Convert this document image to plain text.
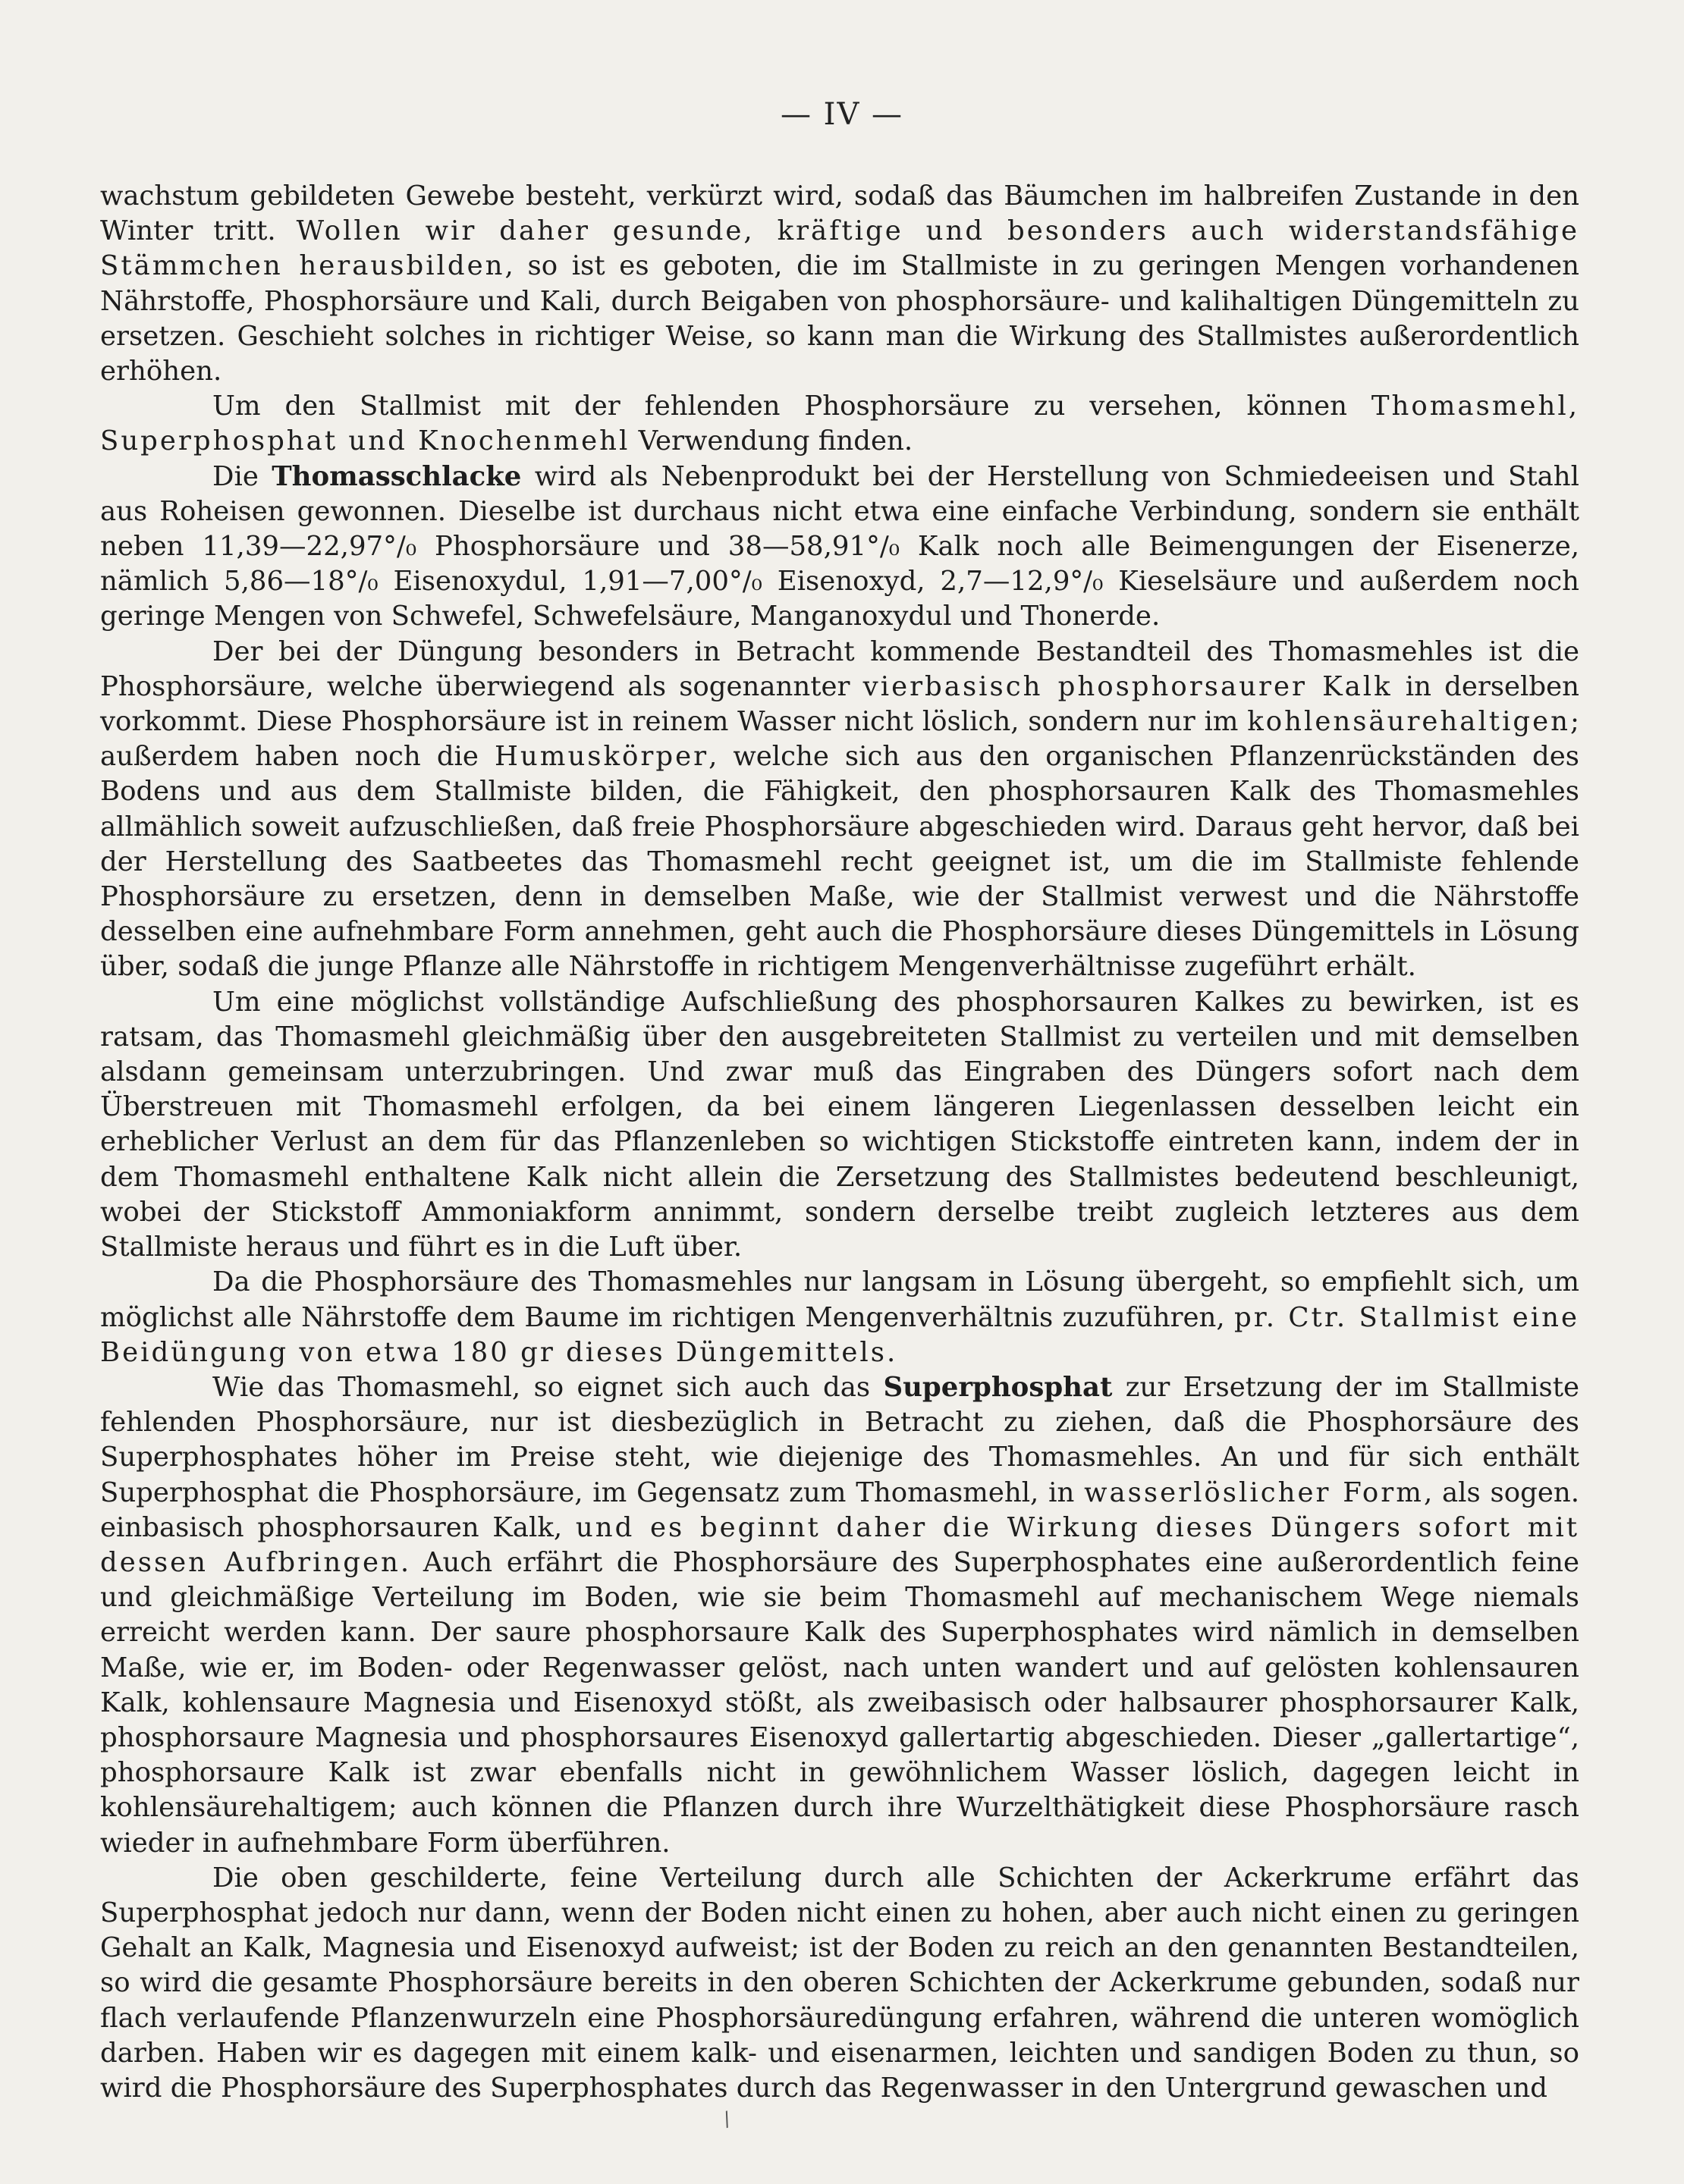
— IV —

wachstum gebildeten Gewebe besteht, verkürzt wird, sodaß das Bäumchen im halbreifen Zustande in den Winter tritt. Wollen wir daher gesunde, kräftige und besonders auch widerstandsfähige Stämmchen herausbilden, so ist es geboten, die im Stallmiste in zu geringen Mengen vorhandenen Nährstoffe, Phosphorsäure und Kali, durch Beigaben von phosphorsäure- und kalihaltigen Düngemitteln zu ersetzen. Geschieht solches in richtiger Weise, so kann man die Wirkung des Stallmistes außerordentlich erhöhen.

Um den Stallmist mit der fehlenden Phosphorsäure zu versehen, können Thomasmehl, Superphosphat und Knochenmehl Verwendung finden.

Die Thomasschlacke wird als Nebenprodukt bei der Herstellung von Schmiedeeisen und Stahl aus Roheisen gewonnen. Dieselbe ist durchaus nicht etwa eine einfache Verbindung, sondern sie enthält neben 11,39—22,97°/₀ Phosphorsäure und 38—58,91°/₀ Kalk noch alle Beimengungen der Eisenerze, nämlich 5,86—18°/₀ Eisenoxydul, 1,91—7,00°/₀ Eisenoxyd, 2,7—12,9°/₀ Kieselsäure und außerdem noch geringe Mengen von Schwefel, Schwefelsäure, Manganoxydul und Thonerde.

Der bei der Düngung besonders in Betracht kommende Bestandteil des Thomasmehles ist die Phosphorsäure, welche überwiegend als sogenannter vierbasisch phosphorsaurer Kalk in derselben vorkommt. Diese Phosphorsäure ist in reinem Wasser nicht löslich, sondern nur im kohlensäurehaltigen; außerdem haben noch die Humuskörper, welche sich aus den organischen Pflanzenrückständen des Bodens und aus dem Stallmiste bilden, die Fähigkeit, den phosphorsauren Kalk des Thomasmehles allmählich soweit aufzuschließen, daß freie Phosphorsäure abgeschieden wird. Daraus geht hervor, daß bei der Herstellung des Saatbeetes das Thomasmehl recht geeignet ist, um die im Stallmiste fehlende Phosphorsäure zu ersetzen, denn in demselben Maße, wie der Stallmist verwest und die Nährstoffe desselben eine aufnehmbare Form annehmen, geht auch die Phosphorsäure dieses Düngemittels in Lösung über, sodaß die junge Pflanze alle Nährstoffe in richtigem Mengenverhältnisse zugeführt erhält.

Um eine möglichst vollständige Aufschließung des phosphorsauren Kalkes zu bewirken, ist es ratsam, das Thomasmehl gleichmäßig über den ausgebreiteten Stallmist zu verteilen und mit demselben alsdann gemeinsam unterzubringen. Und zwar muß das Eingraben des Düngers sofort nach dem Überstreuen mit Thomasmehl erfolgen, da bei einem längeren Liegenlassen desselben leicht ein erheblicher Verlust an dem für das Pflanzenleben so wichtigen Stickstoffe eintreten kann, indem der in dem Thomasmehl enthaltene Kalk nicht allein die Zersetzung des Stallmistes bedeutend beschleunigt, wobei der Stickstoff Ammoniakform annimmt, sondern derselbe treibt zugleich letzteres aus dem Stallmiste heraus und führt es in die Luft über.

Da die Phosphorsäure des Thomasmehles nur langsam in Lösung übergeht, so empfiehlt sich, um möglichst alle Nährstoffe dem Baume im richtigen Mengenverhältnis zuzuführen, pr. Ctr. Stallmist eine Beidüngung von etwa 180 gr dieses Düngemittels.

Wie das Thomasmehl, so eignet sich auch das Superphosphat zur Ersetzung der im Stallmiste fehlenden Phosphorsäure, nur ist diesbezüglich in Betracht zu ziehen, daß die Phosphorsäure des Superphosphates höher im Preise steht, wie diejenige des Thomasmehles. An und für sich enthält Superphosphat die Phosphorsäure, im Gegensatz zum Thomasmehl, in wasserlöslicher Form, als sogen. einbasisch phosphorsauren Kalk, und es beginnt daher die Wirkung dieses Düngers sofort mit dessen Aufbringen. Auch erfährt die Phosphorsäure des Superphosphates eine außerordentlich feine und gleichmäßige Verteilung im Boden, wie sie beim Thomasmehl auf mechanischem Wege niemals erreicht werden kann. Der saure phosphorsaure Kalk des Superphosphates wird nämlich in demselben Maße, wie er, im Boden- oder Regenwasser gelöst, nach unten wandert und auf gelösten kohlensauren Kalk, kohlensaure Magnesia und Eisenoxyd stößt, als zweibasisch oder halbsaurer phosphorsaurer Kalk, phosphorsaure Magnesia und phosphorsaures Eisenoxyd gallertartig abgeschieden. Dieser „gallertartige“, phosphorsaure Kalk ist zwar ebenfalls nicht in gewöhnlichem Wasser löslich, dagegen leicht in kohlensäurehaltigem; auch können die Pflanzen durch ihre Wurzelthätigkeit diese Phosphorsäure rasch wieder in aufnehmbare Form überführen.

Die oben geschilderte, feine Verteilung durch alle Schichten der Ackerkrume erfährt das Superphosphat jedoch nur dann, wenn der Boden nicht einen zu hohen, aber auch nicht einen zu geringen Gehalt an Kalk, Magnesia und Eisenoxyd aufweist; ist der Boden zu reich an den genannten Bestandteilen, so wird die gesamte Phosphorsäure bereits in den oberen Schichten der Ackerkrume gebunden, sodaß nur flach verlaufende Pflanzenwurzeln eine Phosphorsäuredüngung erfahren, während die unteren womöglich darben. Haben wir es dagegen mit einem kalk- und eisenarmen, leichten und sandigen Boden zu thun, so wird die Phosphorsäure des Superphosphates durch das Regenwasser in den Untergrund gewaschen und

/
